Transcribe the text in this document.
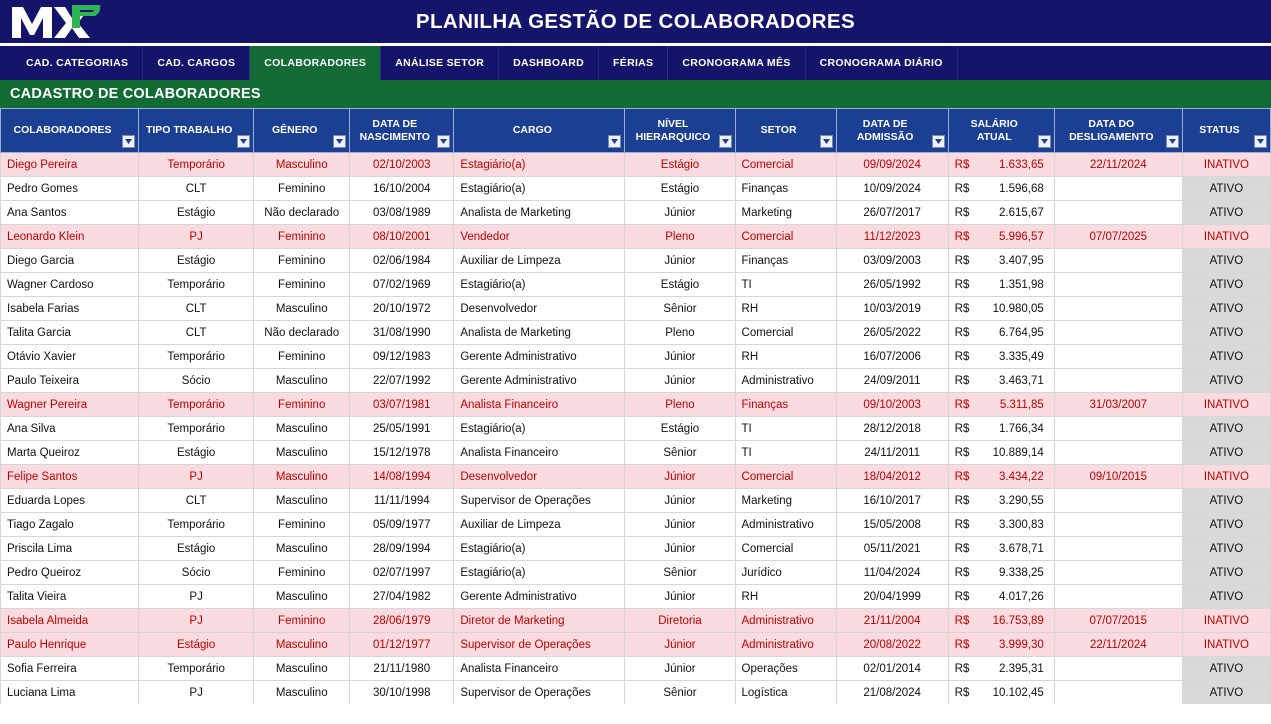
PLANILHA GESTÃO DE COLABORADORES
CAD. CATEGORIAS	CAD. CARGOS	COLABORADORES	ANÁLISE SETOR	DASHBOARD	FÉRIAS	CRONOGRAMA MÊS	CRONOGRAMA DIÁRIO
CADASTRO DE COLABORADORES
COLABORADORES	TIPO TRABALHO	GÊNERO	DATA DE NASCIMENTO	CARGO	NÍVEL HIERARQUICO	SETOR	DATA DE ADMISSÃO	SALÁRIO ATUAL	DATA DO DESLIGAMENTO	STATUS

Diego Pereira	Temporário	Masculino	02/10/2003	Estagiário(a)	Estágio	Comercial	09/09/2024	R$ 1.633,65	22/11/2024	INATIVO
Pedro Gomes	CLT	Feminino	16/10/2004	Estagiário(a)	Estágio	Finanças	10/09/2024	R$ 1.596,68		ATIVO
Ana Santos	Estágio	Não declarado	03/08/1989	Analista de Marketing	Júnior	Marketing	26/07/2017	R$ 2.615,67		ATIVO
Leonardo Klein	PJ	Feminino	08/10/2001	Vendedor	Pleno	Comercial	11/12/2023	R$ 5.996,57	07/07/2025	INATIVO
Diego Garcia	Estágio	Feminino	02/06/1984	Auxiliar de Limpeza	Júnior	Finanças	03/09/2003	R$ 3.407,95		ATIVO
Wagner Cardoso	Temporário	Feminino	07/02/1969	Estagiário(a)	Estágio	TI	26/05/1992	R$ 1.351,98		ATIVO
Isabela Farias	CLT	Masculino	20/10/1972	Desenvolvedor	Sênior	RH	10/03/2019	R$ 10.980,05		ATIVO
Talita Garcia	CLT	Não declarado	31/08/1990	Analista de Marketing	Pleno	Comercial	26/05/2022	R$ 6.764,95		ATIVO
Otávio Xavier	Temporário	Feminino	09/12/1983	Gerente Administrativo	Júnior	RH	16/07/2006	R$ 3.335,49		ATIVO
Paulo Teixeira	Sócio	Masculino	22/07/1992	Gerente Administrativo	Júnior	Administrativo	24/09/2011	R$ 3.463,71		ATIVO
Wagner Pereira	Temporário	Feminino	03/07/1981	Analista Financeiro	Pleno	Finanças	09/10/2003	R$ 5.311,85	31/03/2007	INATIVO
Ana Silva	Temporário	Masculino	25/05/1991	Estagiário(a)	Estágio	TI	28/12/2018	R$ 1.766,34		ATIVO
Marta Queiroz	Estágio	Masculino	15/12/1978	Analista Financeiro	Sênior	TI	24/11/2011	R$ 10.889,14		ATIVO
Felipe Santos	PJ	Masculino	14/08/1994	Desenvolvedor	Júnior	Comercial	18/04/2012	R$ 3.434,22	09/10/2015	INATIVO
Eduarda Lopes	CLT	Masculino	11/11/1994	Supervisor de Operações	Júnior	Marketing	16/10/2017	R$ 3.290,55		ATIVO
Tiago Zagalo	Temporário	Feminino	05/09/1977	Auxiliar de Limpeza	Júnior	Administrativo	15/05/2008	R$ 3.300,83		ATIVO
Priscila Lima	Estágio	Masculino	28/09/1994	Estagiário(a)	Júnior	Comercial	05/11/2021	R$ 3.678,71		ATIVO
Pedro Queiroz	Sócio	Feminino	02/07/1997	Estagiário(a)	Sênior	Jurídico	11/04/2024	R$ 9.338,25		ATIVO
Talita Vieira	PJ	Masculino	27/04/1982	Gerente Administrativo	Júnior	RH	20/04/1999	R$ 4.017,26		ATIVO
Isabela Almeida	PJ	Feminino	28/06/1979	Diretor de Marketing	Diretoria	Administrativo	21/11/2004	R$ 16.753,89	07/07/2015	INATIVO
Paulo Henrique	Estágio	Masculino	01/12/1977	Supervisor de Operações	Júnior	Administrativo	20/08/2022	R$ 3.999,30	22/11/2024	INATIVO
Sofia Ferreira	Temporário	Masculino	21/11/1980	Analista Financeiro	Júnior	Operações	02/01/2014	R$ 2.395,31		ATIVO
Luciana Lima	PJ	Masculino	30/10/1998	Supervisor de Operações	Sênior	Logística	21/08/2024	R$ 10.102,45		ATIVO
